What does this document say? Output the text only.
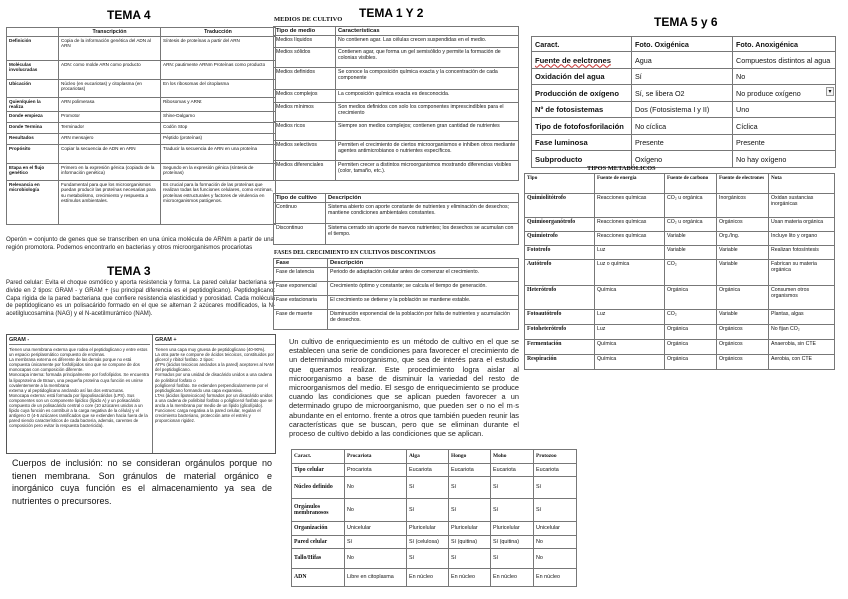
TEMA 4
	Transcripción	Traducción
Definición	Copia de la información genética del ADN al ARN	Síntesis de proteínas a partir del ARN
Moléculas involucradas	ADN: como molde ARN como producto	ARN: pautimente ARNm Proteínas como producto
Ubicación	Núcleo (en eucariotas) y citoplasma (en procariotas)	En los ribosomas del citoplasma
Quien/quien la realiza	ARN polimerasa	Ribosomas y ARNt
Donde empieza	Promotor	Shine-Dalgarno
Donde Termina	Terminador	Codón Stop
Resultados	ARN mensajero	Péptido (proteínas)
Propósito	Copiar la secuencia de ADN en ARN	Traducir la secuencia de ARN en una proteína
Etapa en el flujo genético	Primero en la expresión génica (copiado de la información genética)	Segundo en la expresión génica (síntesis de proteínas)
Relevancia en microbiología	Fundamental para que los microorganismos puedan producir las proteínas necesarias para su metabolismo, crecimiento y respuesta a estímulos ambientales.	Es crucial para la formación de las proteínas que realizan todas las funciones celulares, como enzimas, proteínas estructurales y factores de virulencia en microorganismos patógenos.
Operón = conjunto de genes que se transcriben en una única molécula de ARNm a partir de una región promotora. Podemos encontrarlo en bacterias y otros microorganismos procariotas
TEMA 3
Pared celular: Evita el choque osmótico y aporta resistencia y forma. La pared celular bacteriana se divide en 2 tipos: GRAM - y GRAM + (su principal diferencia es el peptidoglicano). Peptidoglicano: Capa rígida de la pared bacteriana que confiere resistencia elasticidad y porosidad. Cada molécula de peptidoglicano es un polisacárido formado en el que se alternan 2 azúcares modificados, la N-acetilglucosamina (NAG) y el N-acetilmurámico (NAM).

GRAM -

Tienen una membrana externa que rodea el peptidoglicano y entre estos un espacio periplasmático compuesto de enzimas.

La membrana externa es diferente de las demás porque no está compuesta únicamente por fosfolípidos sino que se compone de dos monocapas con composición diferente.

Monocapa interna: formada principalmente por fosfolípidos. Se encuentra la lipoproteína de Braun, una pequeña proteína cuya función es unirse covalentemente a la membrana

externa y al peptidoglicano anclando así las dos estructuras.

Monocapa externa: está formada por lipopolisacáridos (LPS). Sus componentes son un componente lipídico (lípido A) y un polisacárido compuesto de un polisacárido central o core (10 azúcares unidos a un lípido cuya función es contribuir a la carga negativa de la célula) y el antígeno O (4-5 azúcares ramificados que se extienden hacia fuera de la pared siendo característicos de cada bacteria, además, carentes de composición pero evitar la respuesta bactericida).

GRAM +

Tienen una capa muy gruesa de peptidoglicano (40-90%).

La otra parte se compone de ácidos teicoicos, constituidos por glicerol y ribitol fosfato. 2 tipos:

ATPs (ácidos teicoicos anclados a la pared) aceptores al NAM del peptidoglicano.

Formados por una unidad de disacárido unidos a una cadena de poliribitol fosfato o

poliglicerol fosfato. Se extienden perpendicularmente por el peptidoglicano formando una capa expansiva.

LTAs (ácidos lipoteicoicos) formados por un disacárido unidos a una cadena de poliribitol fosfato o poliglicerol fosfato que se ancla a la membrana por medio de un lípido (glicolípido).

Funciones: carga negativa a la pared celular, regulan el crecimiento bacteriano, protección ante el estrés y proporcionan rigidez.

Cuerpos de inclusión: no se consideran orgánulos porque no tienen membrana. Son gránulos de material orgánico e inorgánico cuya función es el almacenamiento ya sea de nutrientes o precursores.
TEMA 1 Y 2
MEDIOS DE CULTIVO
Tipo de medio	Características
Medios líquidos	No contienen agar. Las células crecen suspendidas en el medio.
Medios sólidos	Contienen agar, que forma un gel semisólido y permite la formación de colonias visibles.
Medios definidos	Se conoce la composición química exacta y la concentración de cada componente
Medios complejos	La composición química exacta es desconocida.
Medios mínimos	Son medios definidos con solo los componentes imprescindibles para el crecimiento
Medios ricos	Siempre son medios complejos; contienen gran cantidad de nutrientes
Medios selectivos	Permiten el crecimiento de ciertos microorganismos e inhiben otros mediante agentes antimicrobianos o nutrientes específicos.
Medios diferenciales	Permiten crecer a distintos microorganismos mostrando diferencias visibles (color, tamaño, etc.).
Tipo de cultivo	Descripción
Continuo	Sistema abierto con aporte constante de nutrientes y eliminación de desechos; mantiene condiciones ambientales constantes.
Discontinuo	Sistema cerrado sin aporte de nuevos nutrientes; los desechos se acumulan con el tiempo.
FASES DEL CRECIMIENTO EN CULTIVOS DISCONTINUOS
Fase	Descripción
Fase de latencia	Periodo de adaptación celular antes de comenzar el crecimiento.
Fase exponencial	Crecimiento óptimo y constante; se calcula el tiempo de generación.
Fase estacionaria	El crecimiento se detiene y la población se mantiene estable.
Fase de muerte	Disminución exponencial de la población por falta de nutrientes y acumulación de desechos.
Un cultivo de enriquecimiento es un método de cultivo en el que se establecen una serie de condiciones para favorecer el crecimiento de un determinado microorganismo, que sea de interés para el estudio que queramos realizar. Este procedimiento logra aislar al microorganismo a base de disminuir la variedad del resto de microorganismos del medio. El sesgo de enriquecimiento se produce cuando las condiciones que se aplican pueden favorecer a un determinado grupo de microorganismo, que pueden ser o no el m·s abundante en el entorno. frente a otros que también pueden reunir las características que se buscan, pero que se eliminan durante el proceso de cultivo debido a las condiciones que se aplican.
TEMA 5 y 6
Caract.	Foto. Oxigénica	Foto. Anoxigénica
Fuente de eelctrones	Agua	Compuestos distintos al agua
Oxidación del agua	Sí	No
Producción de oxígeno	Sí, se libera O2	No produce oxígeno ▾

Nº de fotosistemas	Dos (Fotosistema I y II)	Uno
Tipo de fotofosforilación	No cíclica	Cíclica
Fase luminosa	Presente	Presente
Subproducto	Oxígeno	No hay oxígeno
TIPOS METABÓLICOS
Tipo	Fuente de energía	Fuente de carbono	Fuente de electrones	Nota
Quimiolitótrofo	Reacciones químicas	CO₂ u orgánica	Inorgánicos	Oxidan sustancias inorgánicas
Quimioorganótrofo	Reacciones químicas	CO₂ u orgánica	Orgánicos	Usan materia orgánica
Quimiotrofo	Reacciones químicas	Variable	Org./Ing.	Incluye lito y organo
Fototrofo	Luz	Variable	Variable	Realizan fotosíntesis
Autótrofo	Luz o química	CO₂	Variable	Fabrican su materia orgánica
Heterótrofo	Química	Orgánica	Orgánica	Consumen otros organismos
Fotoautótrofo	Luz	CO₂	Variable	Plantas, algas
Fotoheterótrofo	Luz	Orgánica	Orgánicos	No fijan CO₂
Fermentación	Química	Orgánica	Orgánicos	Anaerobia, sin CTE
Respiración	Química	Orgánica	Orgánicos	Aerobia, con CTE
Caract.	Procariota	Alga	Hongo	Moho	Protozoo
Tipo celular	Procariota	Eucariota	Eucariota	Eucariota	Eucariota
Núcleo definido	No	Sí	Sí	Sí	Sí
Orgánulos membranosos	No	Sí	Sí	Sí	Sí
Organización	Unicelular	Pluricelular	Pluricelular	Pluricelular	Unicelular
Pared celular	Sí	Sí (celulosa)	Sí (quitina)	Sí (quitina)	No
Tallo/Hifas	No	Sí	Sí	Sí	No
ADN	Libre en citoplasma	En núcleo	En núcleo	En núcleo	En núcleo
